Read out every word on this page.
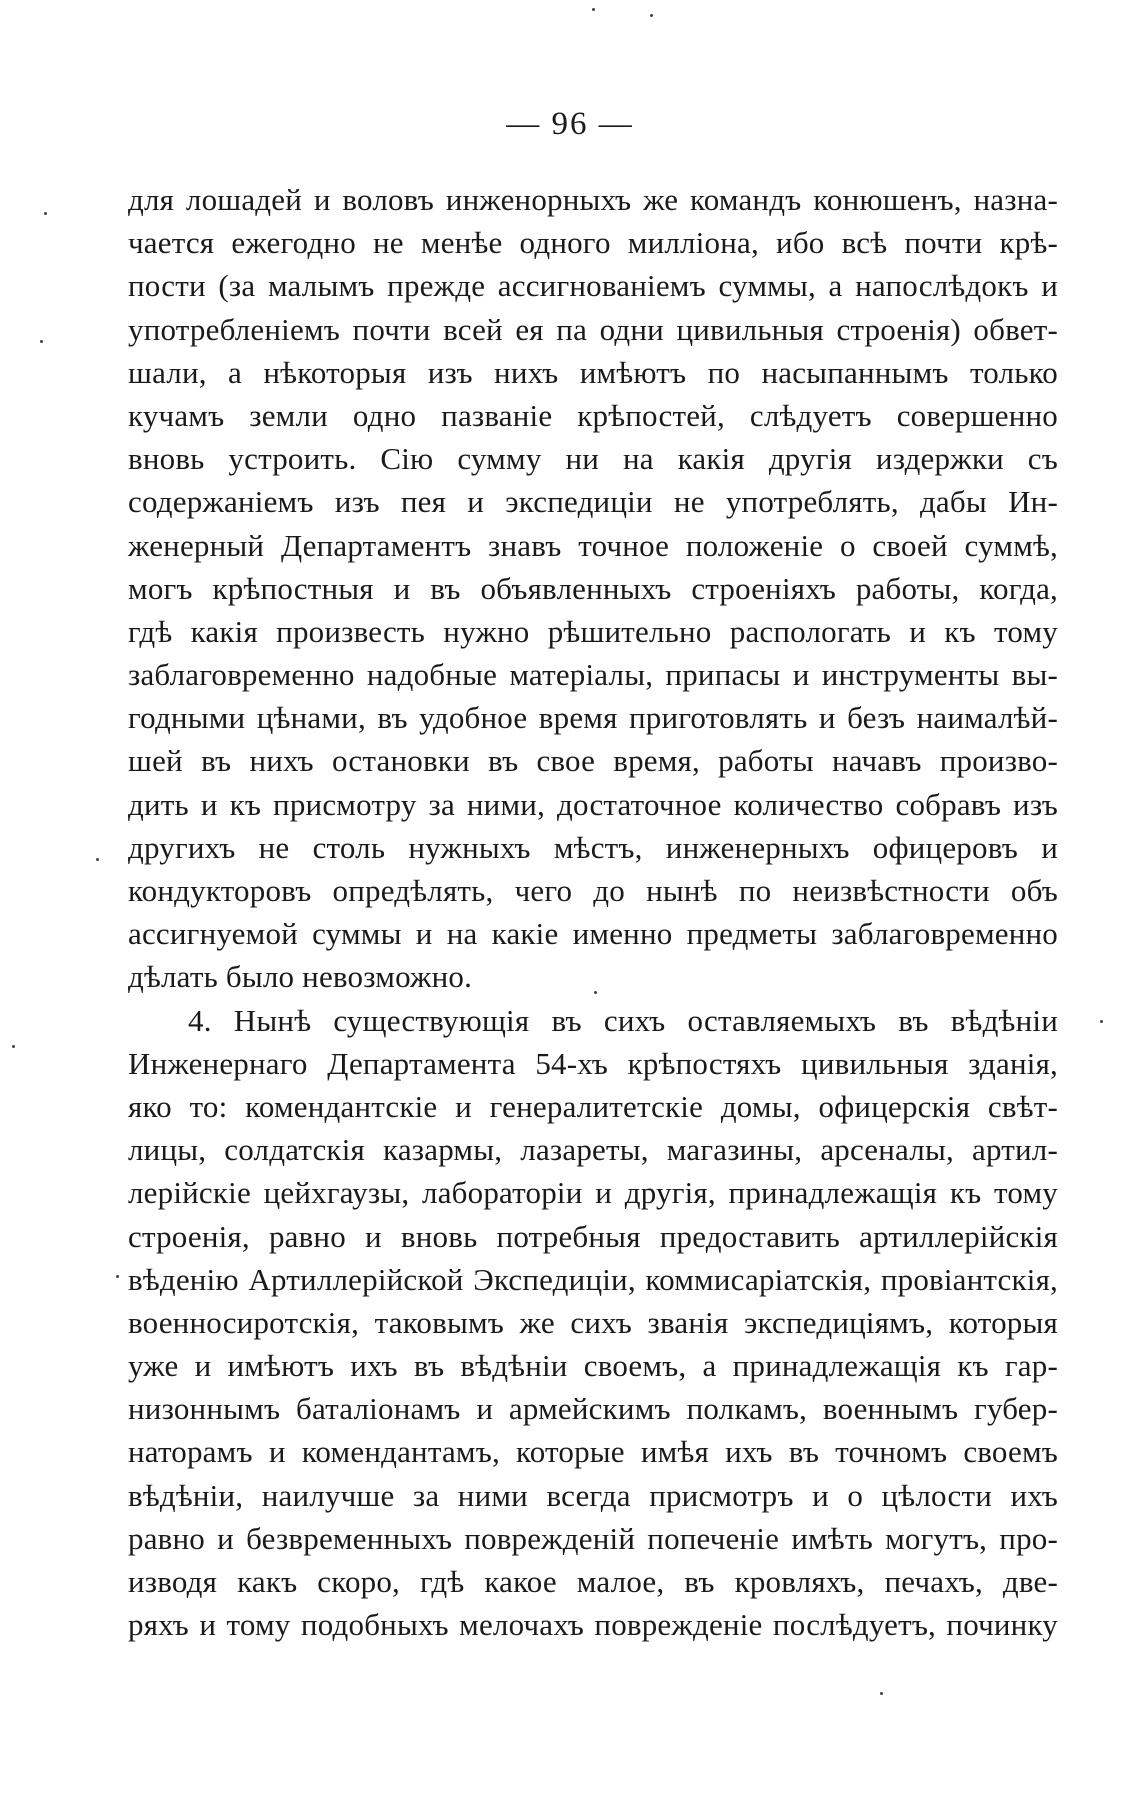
— 96 —
для лошадей и воловъ инженорныхъ же командъ конюшенъ, назна-
чается ежегодно не менѣе одного миллiона, ибо всѣ почти крѣ-
пости (за малымъ прежде ассигнованiемъ суммы, а напослѣдокъ и
употребленiемъ почти всей ея па одни цивильныя строенiя) обвет-
шали, а нѣкоторыя изъ нихъ имѣютъ по насыпаннымъ только
кучамъ земли одно пазванiе крѣпостей, слѣдуетъ совершенно
вновь устроить. Сiю сумму ни на какiя другiя издержки съ
содержанiемъ изъ пея и экспедицiи не употреблять, дабы Ин-
женерный Департаментъ знавъ точное положенiе о своей суммѣ,
могъ крѣпостныя и въ объявленныхъ строенiяхъ работы, когда,
гдѣ какiя произвесть нужно рѣшительно распологать и къ тому
заблаговременно надобные матерiалы, припасы и инструменты вы-
годными цѣнами, въ удобное время приготовлять и безъ наималѣй-
шей въ нихъ остановки въ свое время, работы начавъ произво-
дить и къ присмотру за ними, достаточное количество собравъ изъ
другихъ не столь нужныхъ мѣстъ, инженерныхъ офицеровъ и
кондукторовъ опредѣлять, чего до нынѣ по неизвѣстности объ
ассигнуемой суммы и на какiе именно предметы заблаговременно
дѣлать было невозможно.
4. Нынѣ существующiя въ сихъ оставляемыхъ въ вѣдѣнiи
Инженернаго Департамента 54-хъ крѣпостяхъ цивильныя зданiя,
яко то: комендантскiе и генералитетскiе домы, офицерскiя свѣт-
лицы, солдатскiя казармы, лазареты, магазины, арсеналы, артил-
лерiйскiе цейхгаузы, лабораторiи и другiя, принадлежащiя къ тому
строенiя, равно и вновь потребныя предоставить артиллерiйскiя
вѣденiю Артиллерiйской Экспедицiи, коммисарiатскiя, провiантскiя,
военносиротскiя, таковымъ же сихъ званiя экспедицiямъ, которыя
уже и имѣютъ ихъ въ вѣдѣнiи своемъ, а принадлежащiя къ гар-
низоннымъ баталiонамъ и армейскимъ полкамъ, военнымъ губер-
наторамъ и комендантамъ, которые имѣя ихъ въ точномъ своемъ
вѣдѣнiи, наилучше за ними всегда присмотръ и о цѣлости ихъ
равно и безвременныхъ поврежденiй попеченiе имѣть могутъ, про-
изводя какъ скоро, гдѣ какое малое, въ кровляхъ, печахъ, две-
ряхъ и тому подобныхъ мелочахъ поврежденiе послѣдуетъ, починку
